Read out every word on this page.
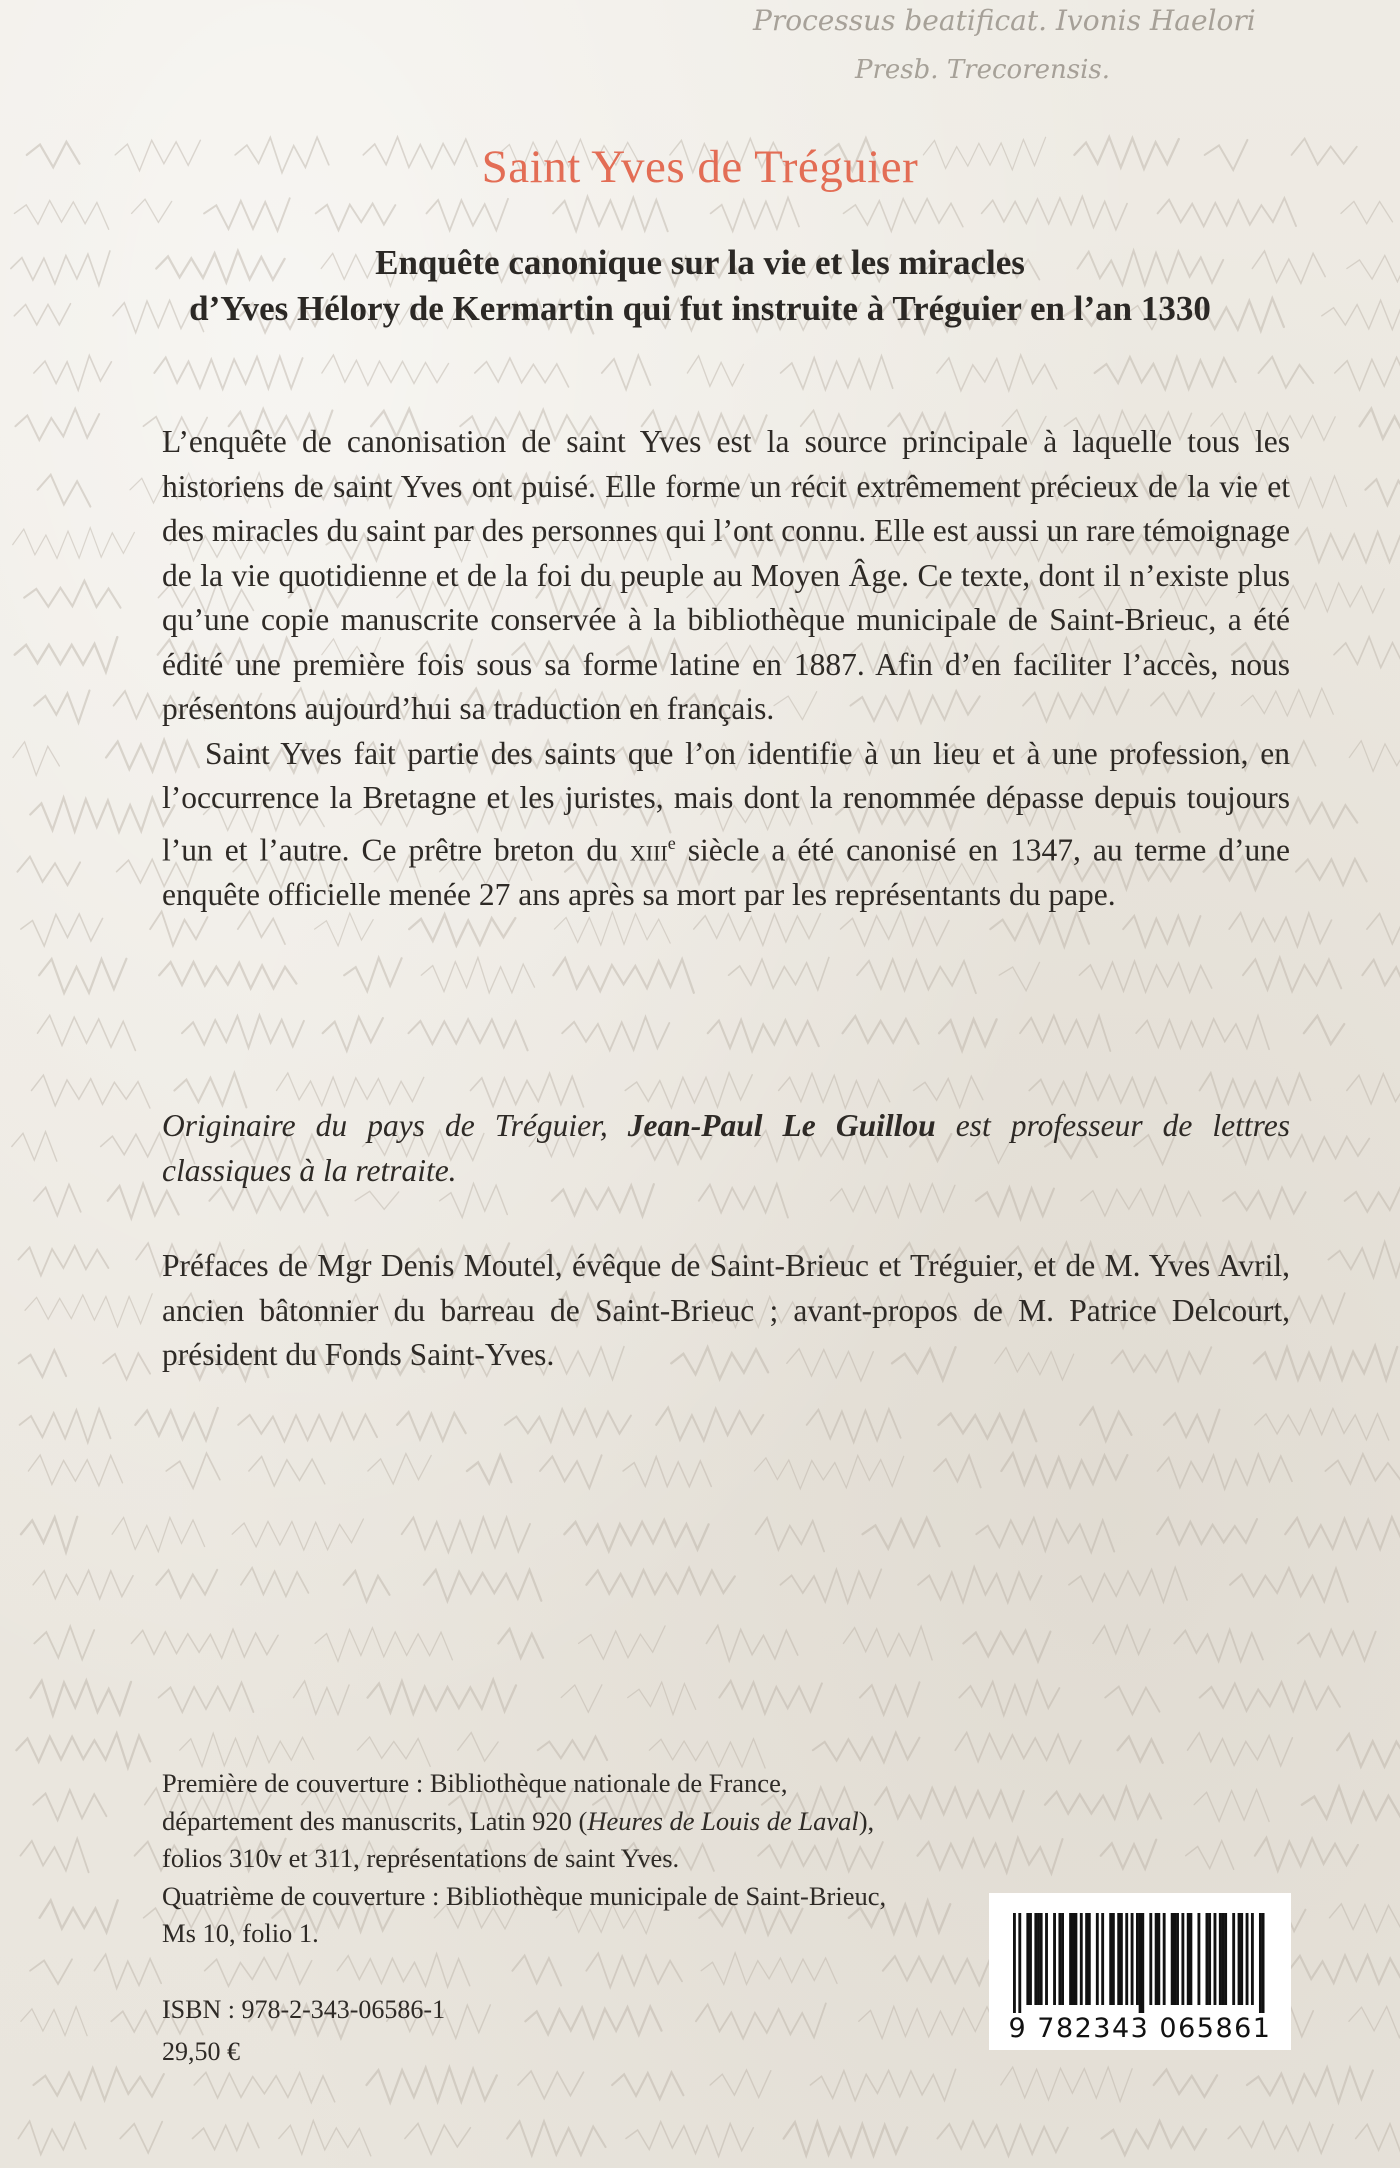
Processus beatificat. Ivonis Haelori
Presb. Trecorensis.
Saint Yves de Tréguier
Enquête canonique sur la vie et les miracles
d’Yves Hélory de Kermartin qui fut instruite à Tréguier en l’an 1330

L’enquête de canonisation de saint Yves est la source principale à laquelle tous les historiens de saint Yves ont puisé. Elle forme un récit extrêmement précieux de la vie et des miracles du saint par des personnes qui l’ont connu. Elle est aussi un rare témoignage de la vie quotidienne et de la foi du peuple au Moyen Âge. Ce texte, dont il n’existe plus qu’une copie manuscrite conservée à la bibliothèque municipale de Saint-Brieuc, a été édité une première fois sous sa forme latine en 1887. Afin d’en faciliter l’accès, nous présentons aujourd’hui sa traduction en français.

Saint Yves fait partie des saints que l’on identifie à un lieu et à une profession, en l’occurrence la Bretagne et les juristes, mais dont la renommée dépasse depuis toujours l’un et l’autre. Ce prêtre breton du xiii$^e$ siècle a été canonisé en 1347, au terme d’une enquête officielle menée 27 ans après sa mort par les représentants du pape.

Originaire du pays de Tréguier, Jean-Paul Le Guillou est professeur de lettres classiques à la retraite.

Préfaces de Mgr Denis Moutel, évêque de Saint-Brieuc et Tréguier, et de M. Yves Avril, ancien bâtonnier du barreau de Saint-Brieuc ; avant-propos de M. Patrice Delcourt, président du Fonds Saint-Yves.

Première de couverture : Bibliothèque nationale de France, département des manuscrits, Latin 920 (Heures de Louis de Laval), folios 310v et 311, représentations de saint Yves.
Quatrième de couverture : Bibliothèque municipale de Saint-Brieuc, Ms 10, folio 1.

ISBN : 978-2-343-06586-1

29,50 €

9 782343 065861
